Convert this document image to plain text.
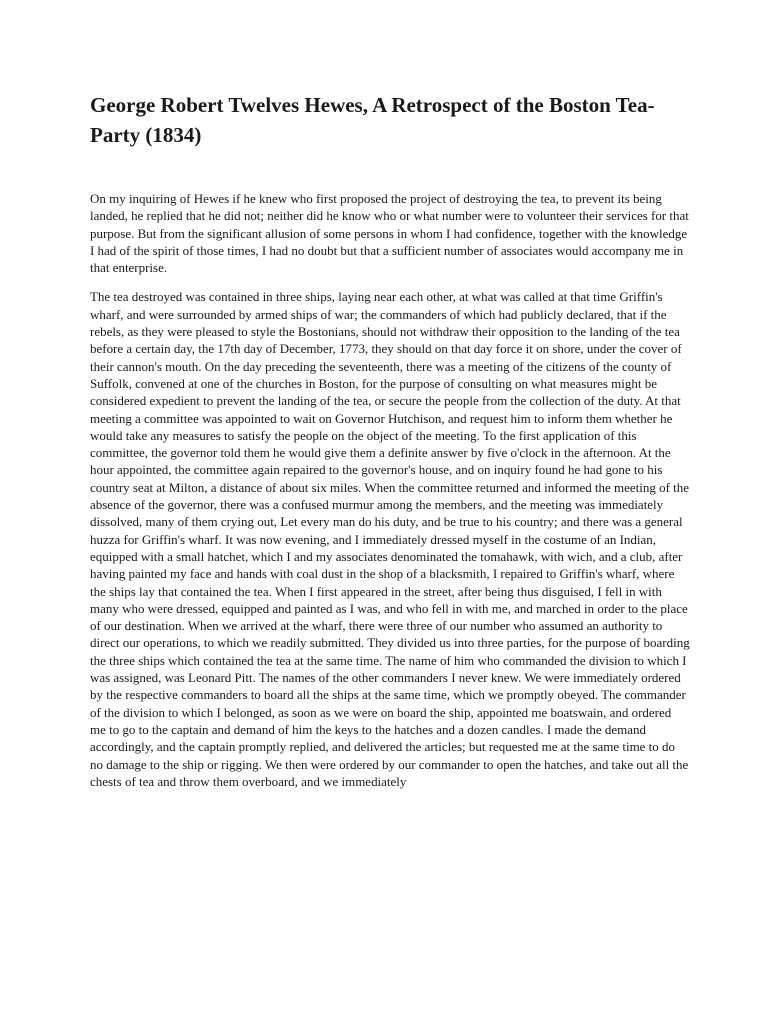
George Robert Twelves Hewes, A Retrospect of the Boston Tea-Party (1834)

On my inquiring of Hewes if he knew who first proposed the project of destroying the tea, to prevent its being landed, he replied that he did not; neither did he know who or what number were to volunteer their services for that purpose. But from the significant allusion of some persons in whom I had confidence, together with the knowledge I had of the spirit of those times, I had no doubt but that a sufficient number of associates would accompany me in that enterprise.

The tea destroyed was contained in three ships, laying near each other, at what was called at that time Griffin's wharf, and were surrounded by armed ships of war; the commanders of which had publicly declared, that if the rebels, as they were pleased to style the Bostonians, should not withdraw their opposition to the landing of the tea before a certain day, the 17th day of December, 1773, they should on that day force it on shore, under the cover of their cannon's mouth. On the day preceding the seventeenth, there was a meeting of the citizens of the county of Suffolk, convened at one of the churches in Boston, for the purpose of consulting on what measures might be considered expedient to prevent the landing of the tea, or secure the people from the collection of the duty. At that meeting a committee was appointed to wait on Governor Hutchison, and request him to inform them whether he would take any measures to satisfy the people on the object of the meeting. To the first application of this committee, the governor told them he would give them a definite answer by five o'clock in the afternoon. At the hour appointed, the committee again repaired to the governor's house, and on inquiry found he had gone to his country seat at Milton, a distance of about six miles. When the committee returned and informed the meeting of the absence of the governor, there was a confused murmur among the members, and the meeting was immediately dissolved, many of them crying out, Let every man do his duty, and be true to his country; and there was a general huzza for Griffin's wharf. It was now evening, and I immediately dressed myself in the costume of an Indian, equipped with a small hatchet, which I and my associates denominated the tomahawk, with wich, and a club, after having painted my face and hands with coal dust in the shop of a blacksmith, I repaired to Griffin's wharf, where the ships lay that contained the tea. When I first appeared in the street, after being thus disguised, I fell in with many who were dressed, equipped and painted as I was, and who fell in with me, and marched in order to the place of our destination. When we arrived at the wharf, there were three of our number who assumed an authority to direct our operations, to which we readily submitted. They divided us into three parties, for the purpose of boarding the three ships which contained the tea at the same time. The name of him who commanded the division to which I was assigned, was Leonard Pitt. The names of the other commanders I never knew. We were immediately ordered by the respective commanders to board all the ships at the same time, which we promptly obeyed. The commander of the division to which I belonged, as soon as we were on board the ship, appointed me boatswain, and ordered me to go to the captain and demand of him the keys to the hatches and a dozen candles. I made the demand accordingly, and the captain promptly replied, and delivered the articles; but requested me at the same time to do no damage to the ship or rigging. We then were ordered by our commander to open the hatches, and take out all the chests of tea and throw them overboard, and we immediately
